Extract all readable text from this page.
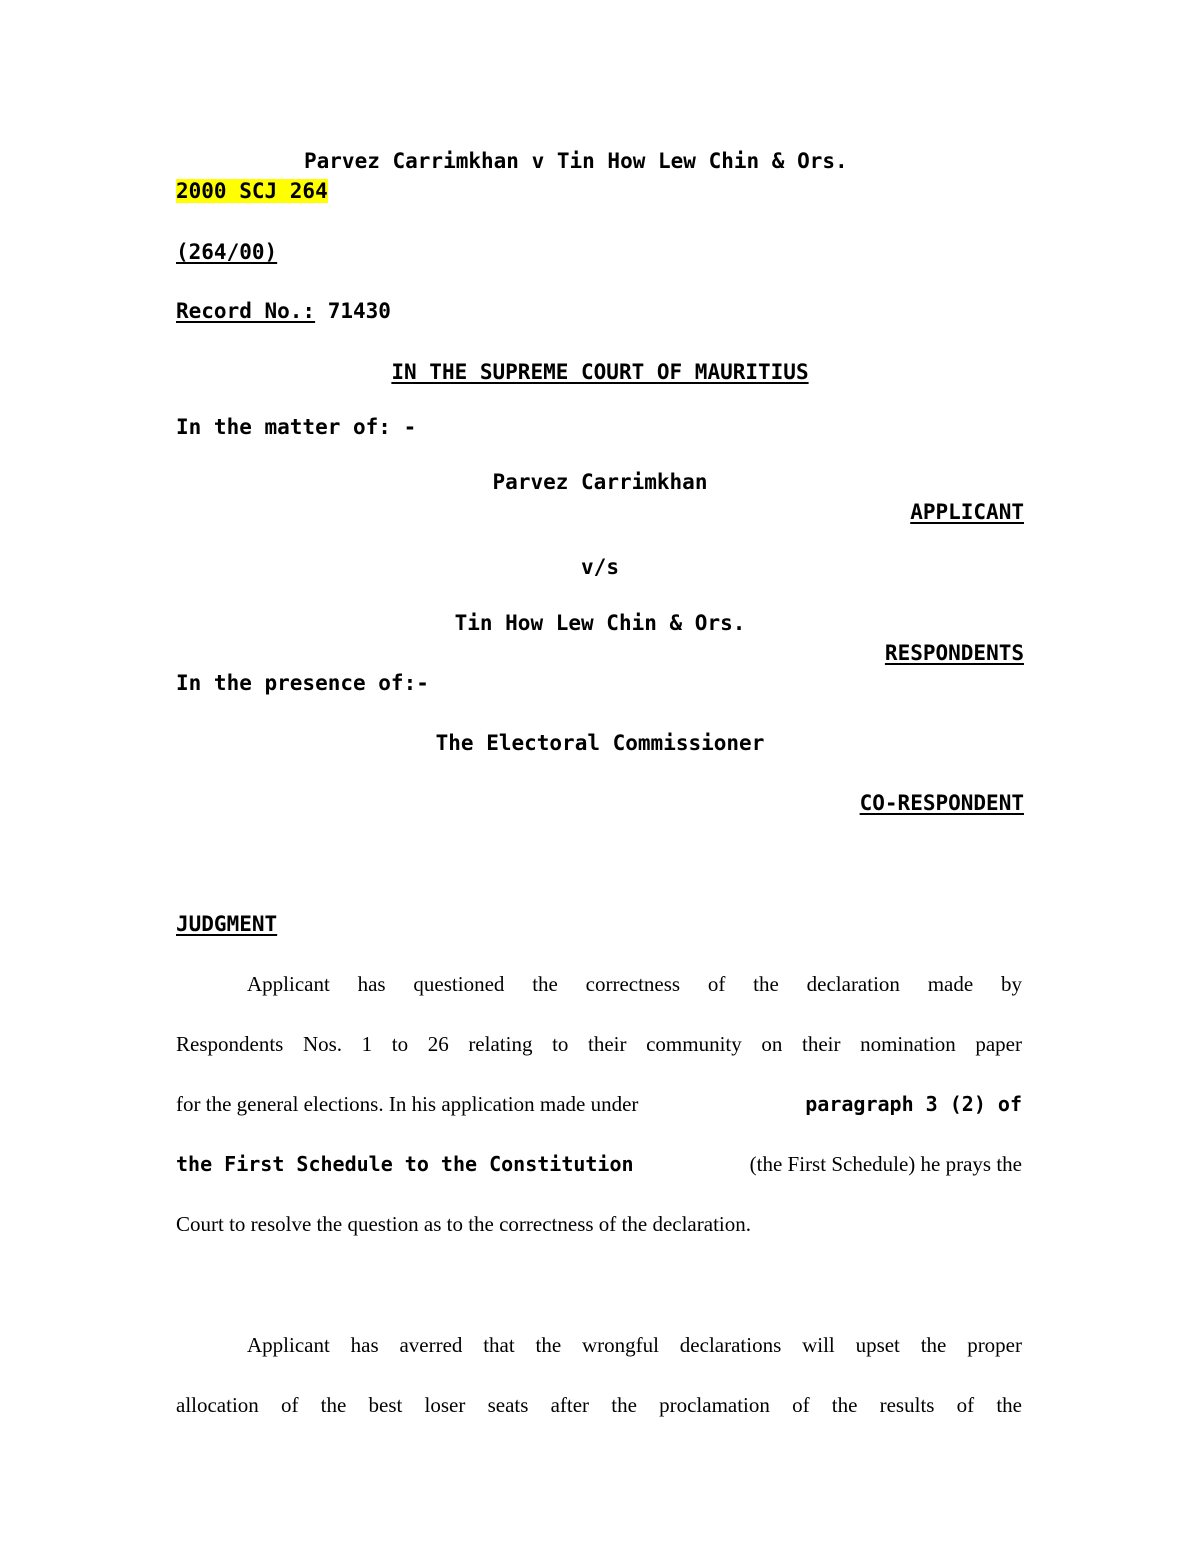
Parvez Carrimkhan v Tin How Lew Chin & Ors.
2000 SCJ 264
(264/00)
Record No.: 71430
IN THE SUPREME COURT OF MAURITIUS
In the matter of: -
Parvez Carrimkhan
APPLICANT
v/s
Tin How Lew Chin & Ors.
RESPONDENTS
In the presence of:-
The Electoral Commissioner
CO-RESPONDENT
JUDGMENT
Applicant has questioned the correctness of the declaration made by
Respondents Nos. 1 to 26 relating to their community on their nomination paper
for the general elections. In his application made under	paragraph 3 (2) of
the First Schedule to the Constitution	(the First Schedule) he prays the
Court to resolve the question as to the correctness of the declaration.
Applicant has averred that the wrongful declarations will upset the proper
allocation of the best loser seats after the proclamation of the results of the
